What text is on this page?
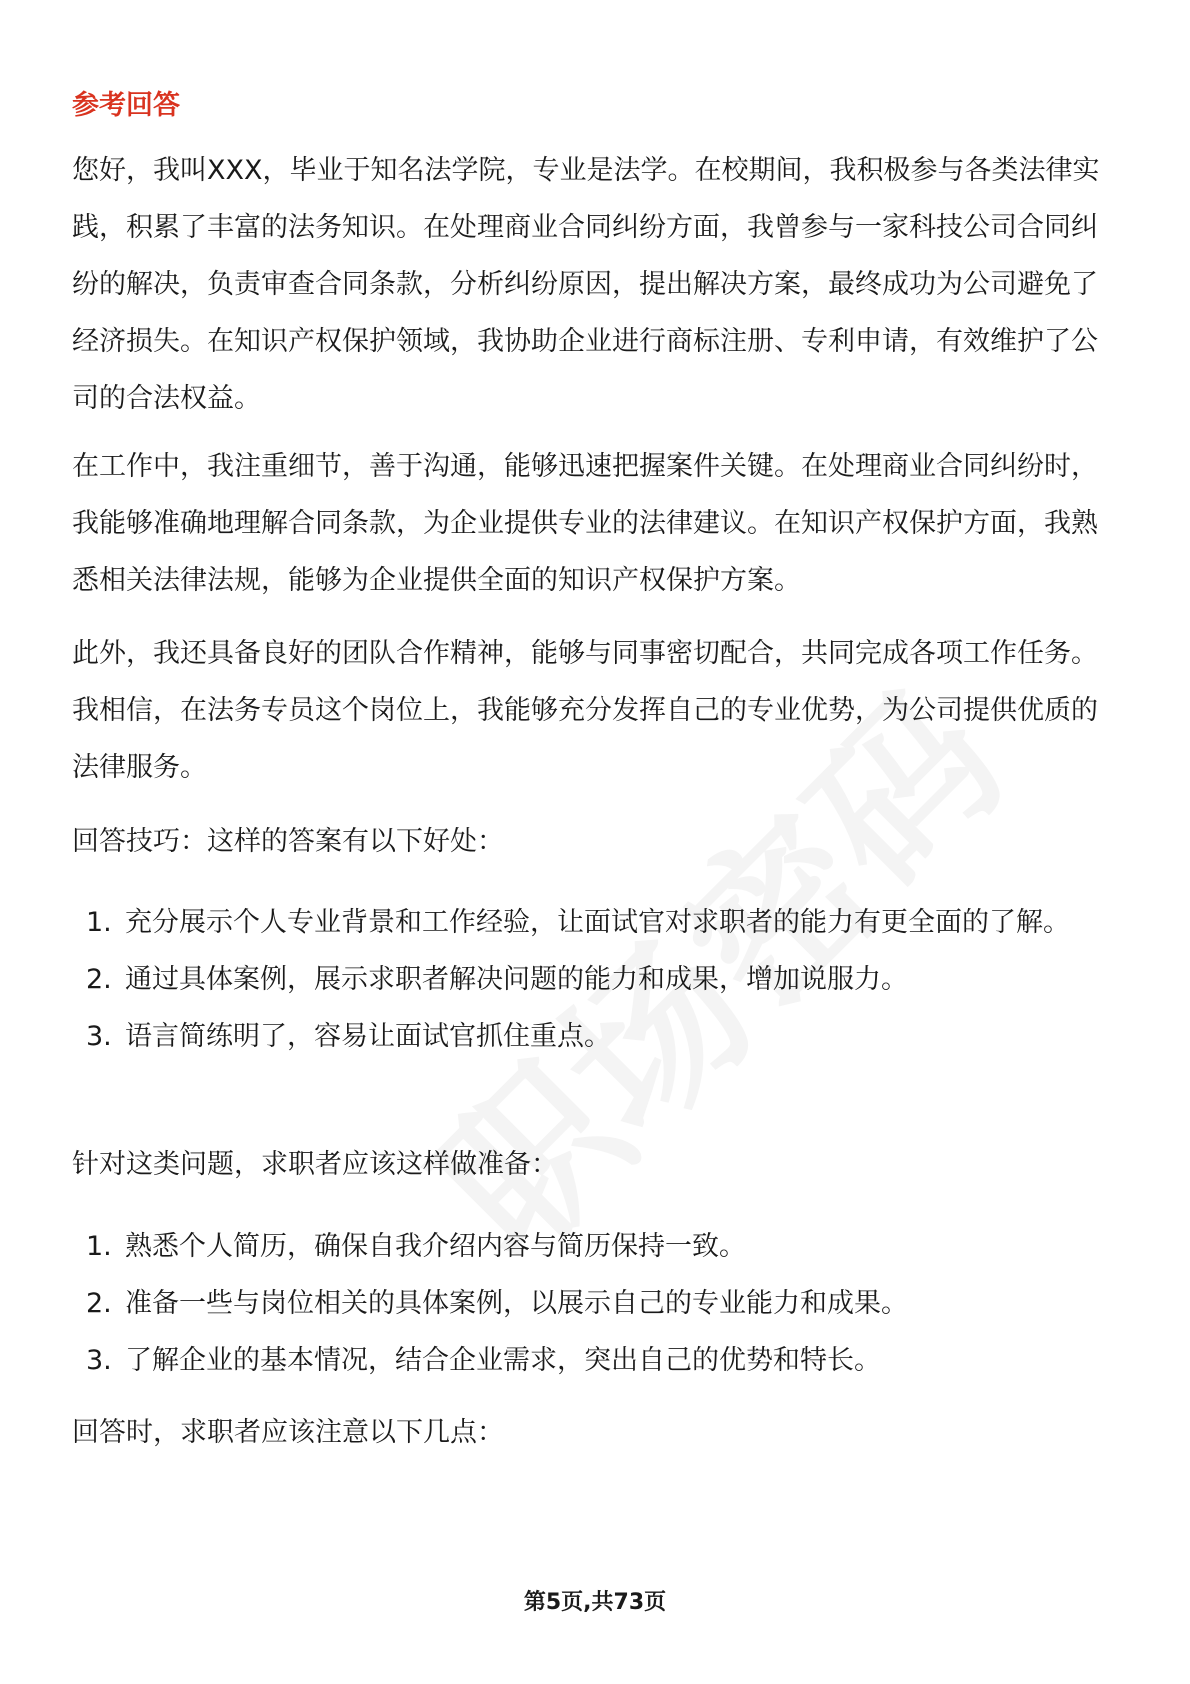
参考回答

您好，我叫XXX，毕业于知名法学院，专业是法学。在校期间，我积极参与各类法律实践，积累了丰富的法务知识。在处理商业合同纠纷方面，我曾参与一家科技公司合同纠纷的解决，负责审查合同条款，分析纠纷原因，提出解决方案，最终成功为公司避免了经济损失。在知识产权保护领域，我协助企业进行商标注册、专利申请，有效维护了公司的合法权益。

在工作中，我注重细节，善于沟通，能够迅速把握案件关键。在处理商业合同纠纷时，我能够准确地理解合同条款，为企业提供专业的法律建议。在知识产权保护方面，我熟悉相关法律法规，能够为企业提供全面的知识产权保护方案。

此外，我还具备良好的团队合作精神，能够与同事密切配合，共同完成各项工作任务。我相信，在法务专员这个岗位上，我能够充分发挥自己的专业优势，为公司提供优质的法律服务。

回答技巧：这样的答案有以下好处：

1. 充分展示个人专业背景和工作经验，让面试官对求职者的能力有更全面的了解。
2. 通过具体案例，展示求职者解决问题的能力和成果，增加说服力。
3. 语言简练明了，容易让面试官抓住重点。

针对这类问题，求职者应该这样做准备：

1. 熟悉个人简历，确保自我介绍内容与简历保持一致。
2. 准备一些与岗位相关的具体案例，以展示自己的专业能力和成果。
3. 了解企业的基本情况，结合企业需求，突出自己的优势和特长。

回答时，求职者应该注意以下几点：

第5页,共73页
